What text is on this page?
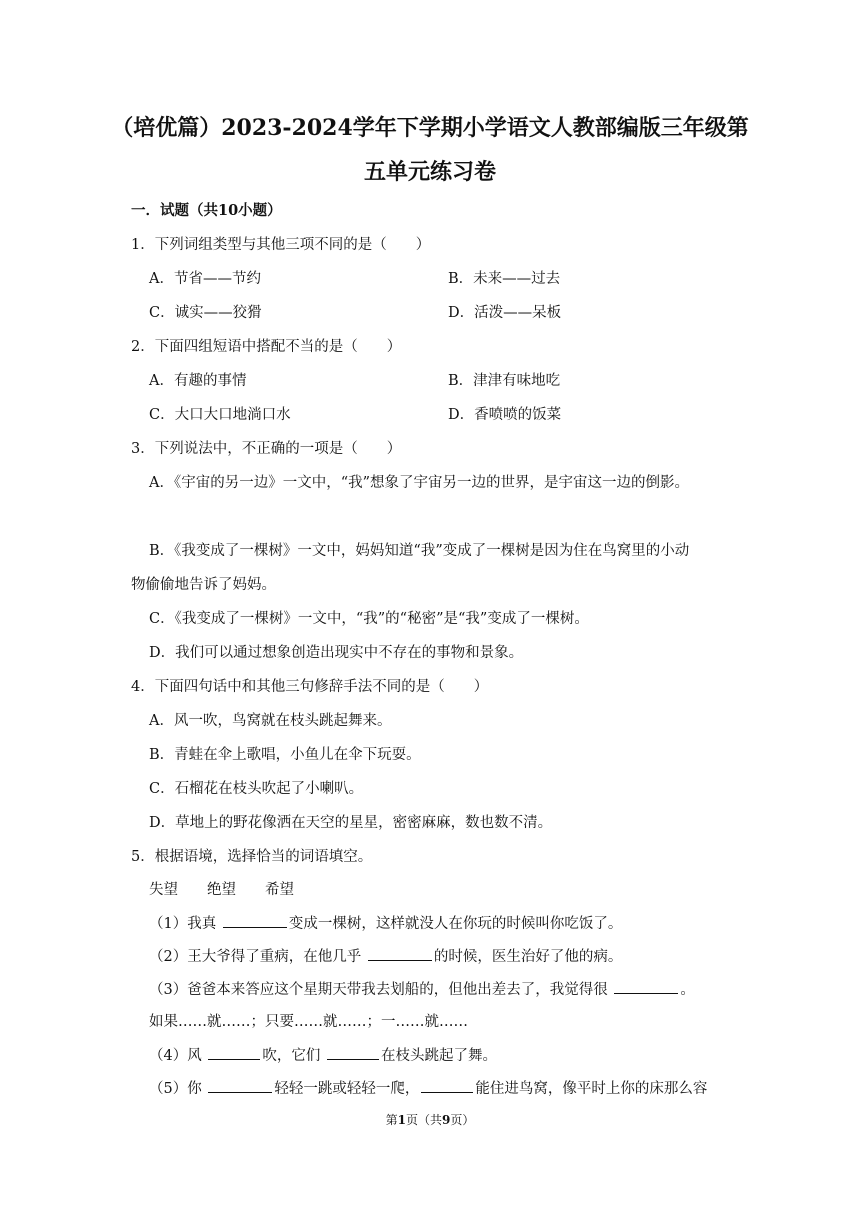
（培优篇）2023-2024学年下学期小学语文人教部编版三年级第
五单元练习卷
一．试题（共10小题）
1．下列词组类型与其他三项不同的是（　　）
A．节省——节约	B．未来——过去
C．诚实——狡猾	D．活泼——呆板
2．下面四组短语中搭配不当的是（　　）
A．有趣的事情	B．津津有味地吃
C．大口大口地淌口水	D．香喷喷的饭菜
3．下列说法中，不正确的一项是（　　）
A．《宇宙的另一边》一文中，“我”想象了宇宙另一边的世界，是宇宙这一边的倒影。
B．《我变成了一棵树》一文中，妈妈知道“我”变成了一棵树是因为住在鸟窝里的小动
物偷偷地告诉了妈妈。
C．《我变成了一棵树》一文中，“我”的“秘密”是“我”变成了一棵树。
D．我们可以通过想象创造出现实中不存在的事物和景象。
4．下面四句话中和其他三句修辞手法不同的是（　　）
A．风一吹，鸟窝就在枝头跳起舞来。
B．青蛙在伞上歌唱，小鱼儿在伞下玩耍。
C．石榴花在枝头吹起了小喇叭。
D．草地上的野花像洒在天空的星星，密密麻麻，数也数不清。
5．根据语境，选择恰当的词语填空。
失望　　绝望　　希望
（1）我真	变成一棵树，这样就没人在你玩的时候叫你吃饭了。
（2）王大爷得了重病，在他几乎	的时候，医生治好了他的病。
（3）爸爸本来答应这个星期天带我去划船的，但他出差去了，我觉得很	。
如果……就……；只要……就……；一……就……
（4）风	吹，它们	在枝头跳起了舞。
（5）你	轻轻一跳或轻轻一爬，	能住进鸟窝，像平时上你的床那么容
第1页（共9页）
